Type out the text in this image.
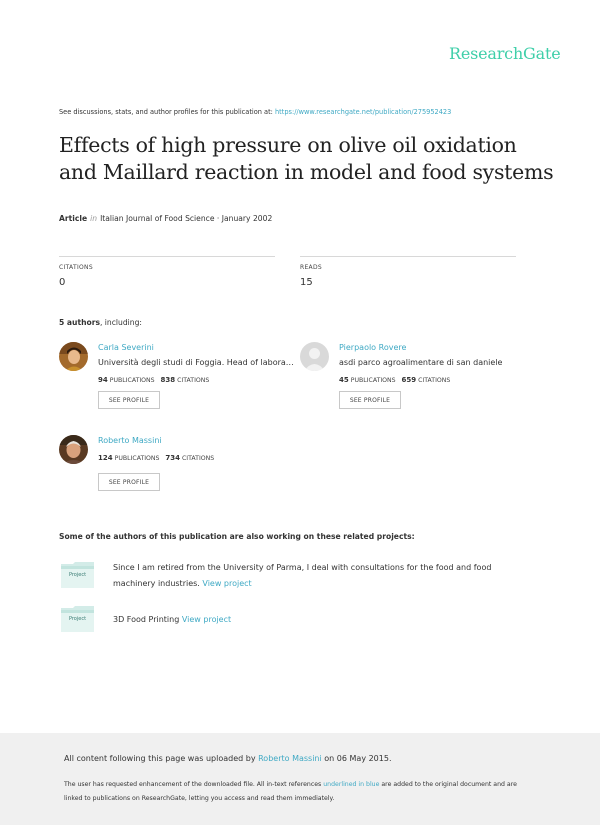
ResearchGate
See discussions, stats, and author profiles for this publication at: https://www.researchgate.net/publication/275952423
Effects of high pressure on olive oil oxidation and Maillard reaction in model and food systems
Article in Italian Journal of Food Science · January 2002
CITATIONS
0
READS
15
5 authors, including:
Carla Severini
Università degli studi di Foggia. Head of labora…
94 PUBLICATIONS 838 CITATIONS
SEE PROFILE
Pierpaolo Rovere
asdi parco agroalimentare di san daniele
45 PUBLICATIONS 659 CITATIONS
SEE PROFILE
Roberto Massini
124 PUBLICATIONS 734 CITATIONS
SEE PROFILE
Some of the authors of this publication are also working on these related projects:
Project
Since I am retired from the University of Parma, I deal with consultations for the food and food machinery industries. View project
Project	3D Food Printing View project
All content following this page was uploaded by Roberto Massini on 06 May 2015.
The user has requested enhancement of the downloaded file. All in-text references underlined in blue are added to the original document and are linked to publications on ResearchGate, letting you access and read them immediately.
